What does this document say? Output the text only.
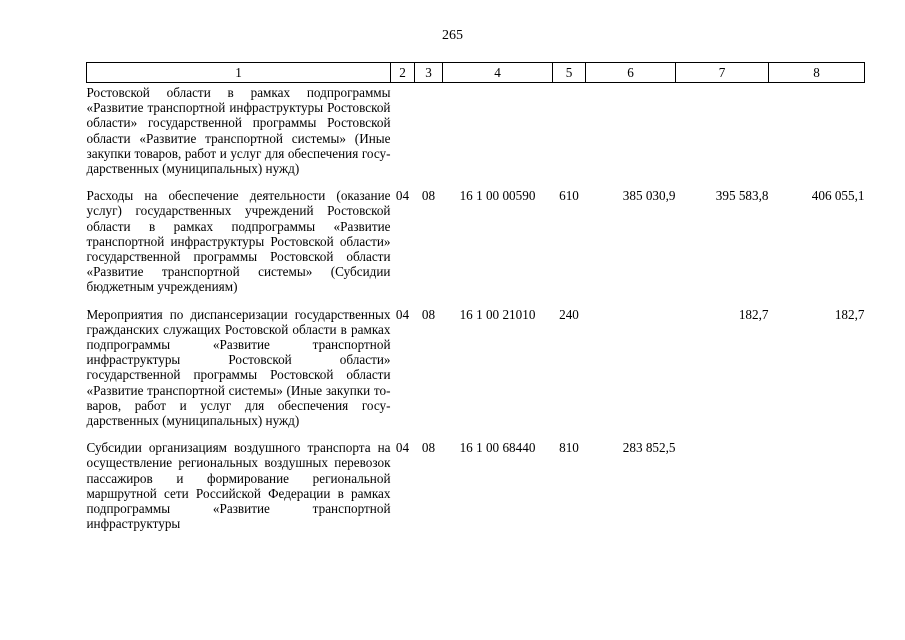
265
1	2	3	4	5	6	7	8
Ростовской области в рамках подпрограммы «Развитие транспортной инфраструктуры Ростовской области» государственной программы Ростовской области «Развитие транспортной системы» (Иные закупки товаров, работ и услуг для обеспечения государственных (муниципальных) нужд)							
Расходы на обеспечение деятельности (оказание услуг) государственных учреждений Ростовской области в рамках подпрограммы «Развитие транспортной инфраструктуры Ростовской области» государственной программы Ростовской области «Развитие транспортной системы» (Субсидии бюджетным учреждениям)	04	08	16 1 00 00590	610	385 030,9	395 583,8	406 055,1
Мероприятия по диспансеризации государственных гражданских служащих Ростовской области в рамках подпрограммы «Развитие транспортной инфраструктуры Ростовской области» государственной программы Ростовской области «Развитие транспортной системы» (Иные закупки товаров, работ и услуг для обеспечения государственных (муниципальных) нужд)	04	08	16 1 00 21010	240		182,7	182,7
Субсидии организациям воздушного транспорта на осуществление региональных воздушных перевозок пассажиров и формирование региональной маршрутной сети Российской Федерации в рамках подпрограммы «Развитие транспортной инфраструктуры	04	08	16 1 00 68440	810	283 852,5		
